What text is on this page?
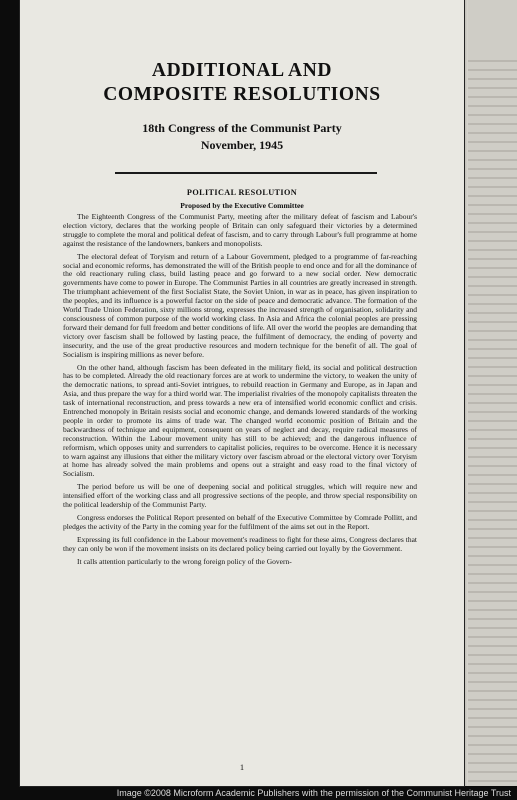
ADDITIONAL AND
COMPOSITE RESOLUTIONS
18th Congress of the Communist Party
November, 1945
POLITICAL RESOLUTION
Proposed by the Executive Committee

The Eighteenth Congress of the Communist Party, meeting after the military defeat of fascism and Labour's election victory, declares that the working people of Britain can only safeguard their victories by a determined struggle to complete the moral and political defeat of fascism, and to carry through Labour's full programme at home against the resistance of the landowners, bankers and monopolists.

The electoral defeat of Toryism and return of a Labour Government, pledged to a programme of far-reaching social and economic reforms, has demonstrated the will of the British people to end once and for all the dominance of the old reactionary ruling class, build lasting peace and go forward to a new social order. New democratic governments have come to power in Europe. The Communist Parties in all countries are greatly increased in strength. The triumphant achievement of the first Socialist State, the Soviet Union, in war as in peace, has given inspiration to the peoples, and its influence is a powerful factor on the side of peace and democratic advance. The formation of the World Trade Union Federation, sixty millions strong, expresses the increased strength of organisation, solidarity and consciousness of common purpose of the world working class. In Asia and Africa the colonial peoples are pressing forward their demand for full freedom and better conditions of life. All over the world the peoples are demanding that victory over fascism shall be followed by lasting peace, the fulfilment of democracy, the ending of poverty and insecurity, and the use of the great productive resources and modern technique for the benefit of all. The goal of Socialism is inspiring millions as never before.

On the other hand, although fascism has been defeated in the military field, its social and political destruction has to be completed. Already the old reactionary forces are at work to undermine the victory, to weaken the unity of the democratic nations, to spread anti-Soviet intrigues, to rebuild reaction in Germany and Europe, as in Japan and Asia, and thus prepare the way for a third world war. The imperialist rivalries of the monopoly capitalists threaten the task of international reconstruction, and press towards a new era of intensified world economic conflict and crisis. Entrenched monopoly in Britain resists social and economic change, and demands lowered standards of the working people in order to promote its aims of trade war. The changed world economic position of Britain and the backwardness of technique and equipment, consequent on years of neglect and decay, require radical measures of reconstruction. Within the Labour movement unity has still to be achieved; and the dangerous influence of reformism, which opposes unity and surrenders to capitalist policies, requires to be overcome. Hence it is necessary to warn against any illusions that either the military victory over fascism abroad or the electoral victory over Toryism at home has already solved the main problems and opens out a straight and easy road to the final victory of Socialism.

The period before us will be one of deepening social and political struggles, which will require new and intensified effort of the working class and all progressive sections of the people, and throw special responsibility on the political leadership of the Communist Party.

Congress endorses the Political Report presented on behalf of the Executive Committee by Comrade Pollitt, and pledges the activity of the Party in the coming year for the fulfilment of the aims set out in the Report.

Expressing its full confidence in the Labour movement's readiness to fight for these aims, Congress declares that they can only be won if the movement insists on its declared policy being carried out loyally by the Government.

It calls attention particularly to the wrong foreign policy of the Govern-

1
Image ©2008 Microform Academic Publishers with the permission of the Communist Heritage Trust
